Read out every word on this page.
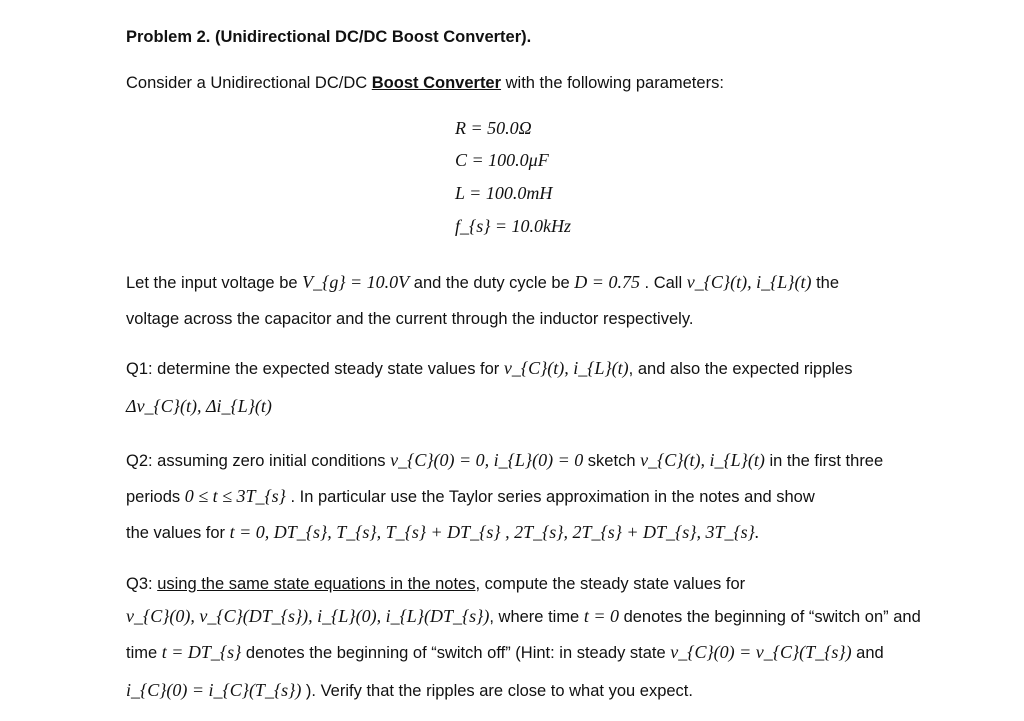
Problem 2. (Unidirectional DC/DC Boost Converter).
Consider a Unidirectional DC/DC Boost Converter with the following parameters:
R = 50.0Ω
C = 100.0μF
L = 100.0mH
f_{s} = 10.0kHz
Let the input voltage be V_{g} = 10.0V and the duty cycle be D = 0.75 . Call v_{C}(t), i_{L}(t) the
voltage across the capacitor and the current through the inductor respectively.
Q1: determine the expected steady state values for v_{C}(t), i_{L}(t), and also the expected ripples
Δv_{C}(t), Δi_{L}(t)
Q2: assuming zero initial conditions v_{C}(0) = 0, i_{L}(0) = 0 sketch v_{C}(t), i_{L}(t) in the first three
periods 0 ≤ t ≤ 3T_{s} . In particular use the Taylor series approximation in the notes and show
the values for t = 0, DT_{s}, T_{s}, T_{s} + DT_{s} , 2T_{s}, 2T_{s} + DT_{s}, 3T_{s}.
Q3: using the same state equations in the notes, compute the steady state values for
v_{C}(0), v_{C}(DT_{s}), i_{L}(0), i_{L}(DT_{s}), where time t = 0 denotes the beginning of “switch on” and
time t = DT_{s} denotes the beginning of “switch off” (Hint: in steady state v_{C}(0) = v_{C}(T_{s}) and
i_{C}(0) = i_{C}(T_{s}) ). Verify that the ripples are close to what you expect.
